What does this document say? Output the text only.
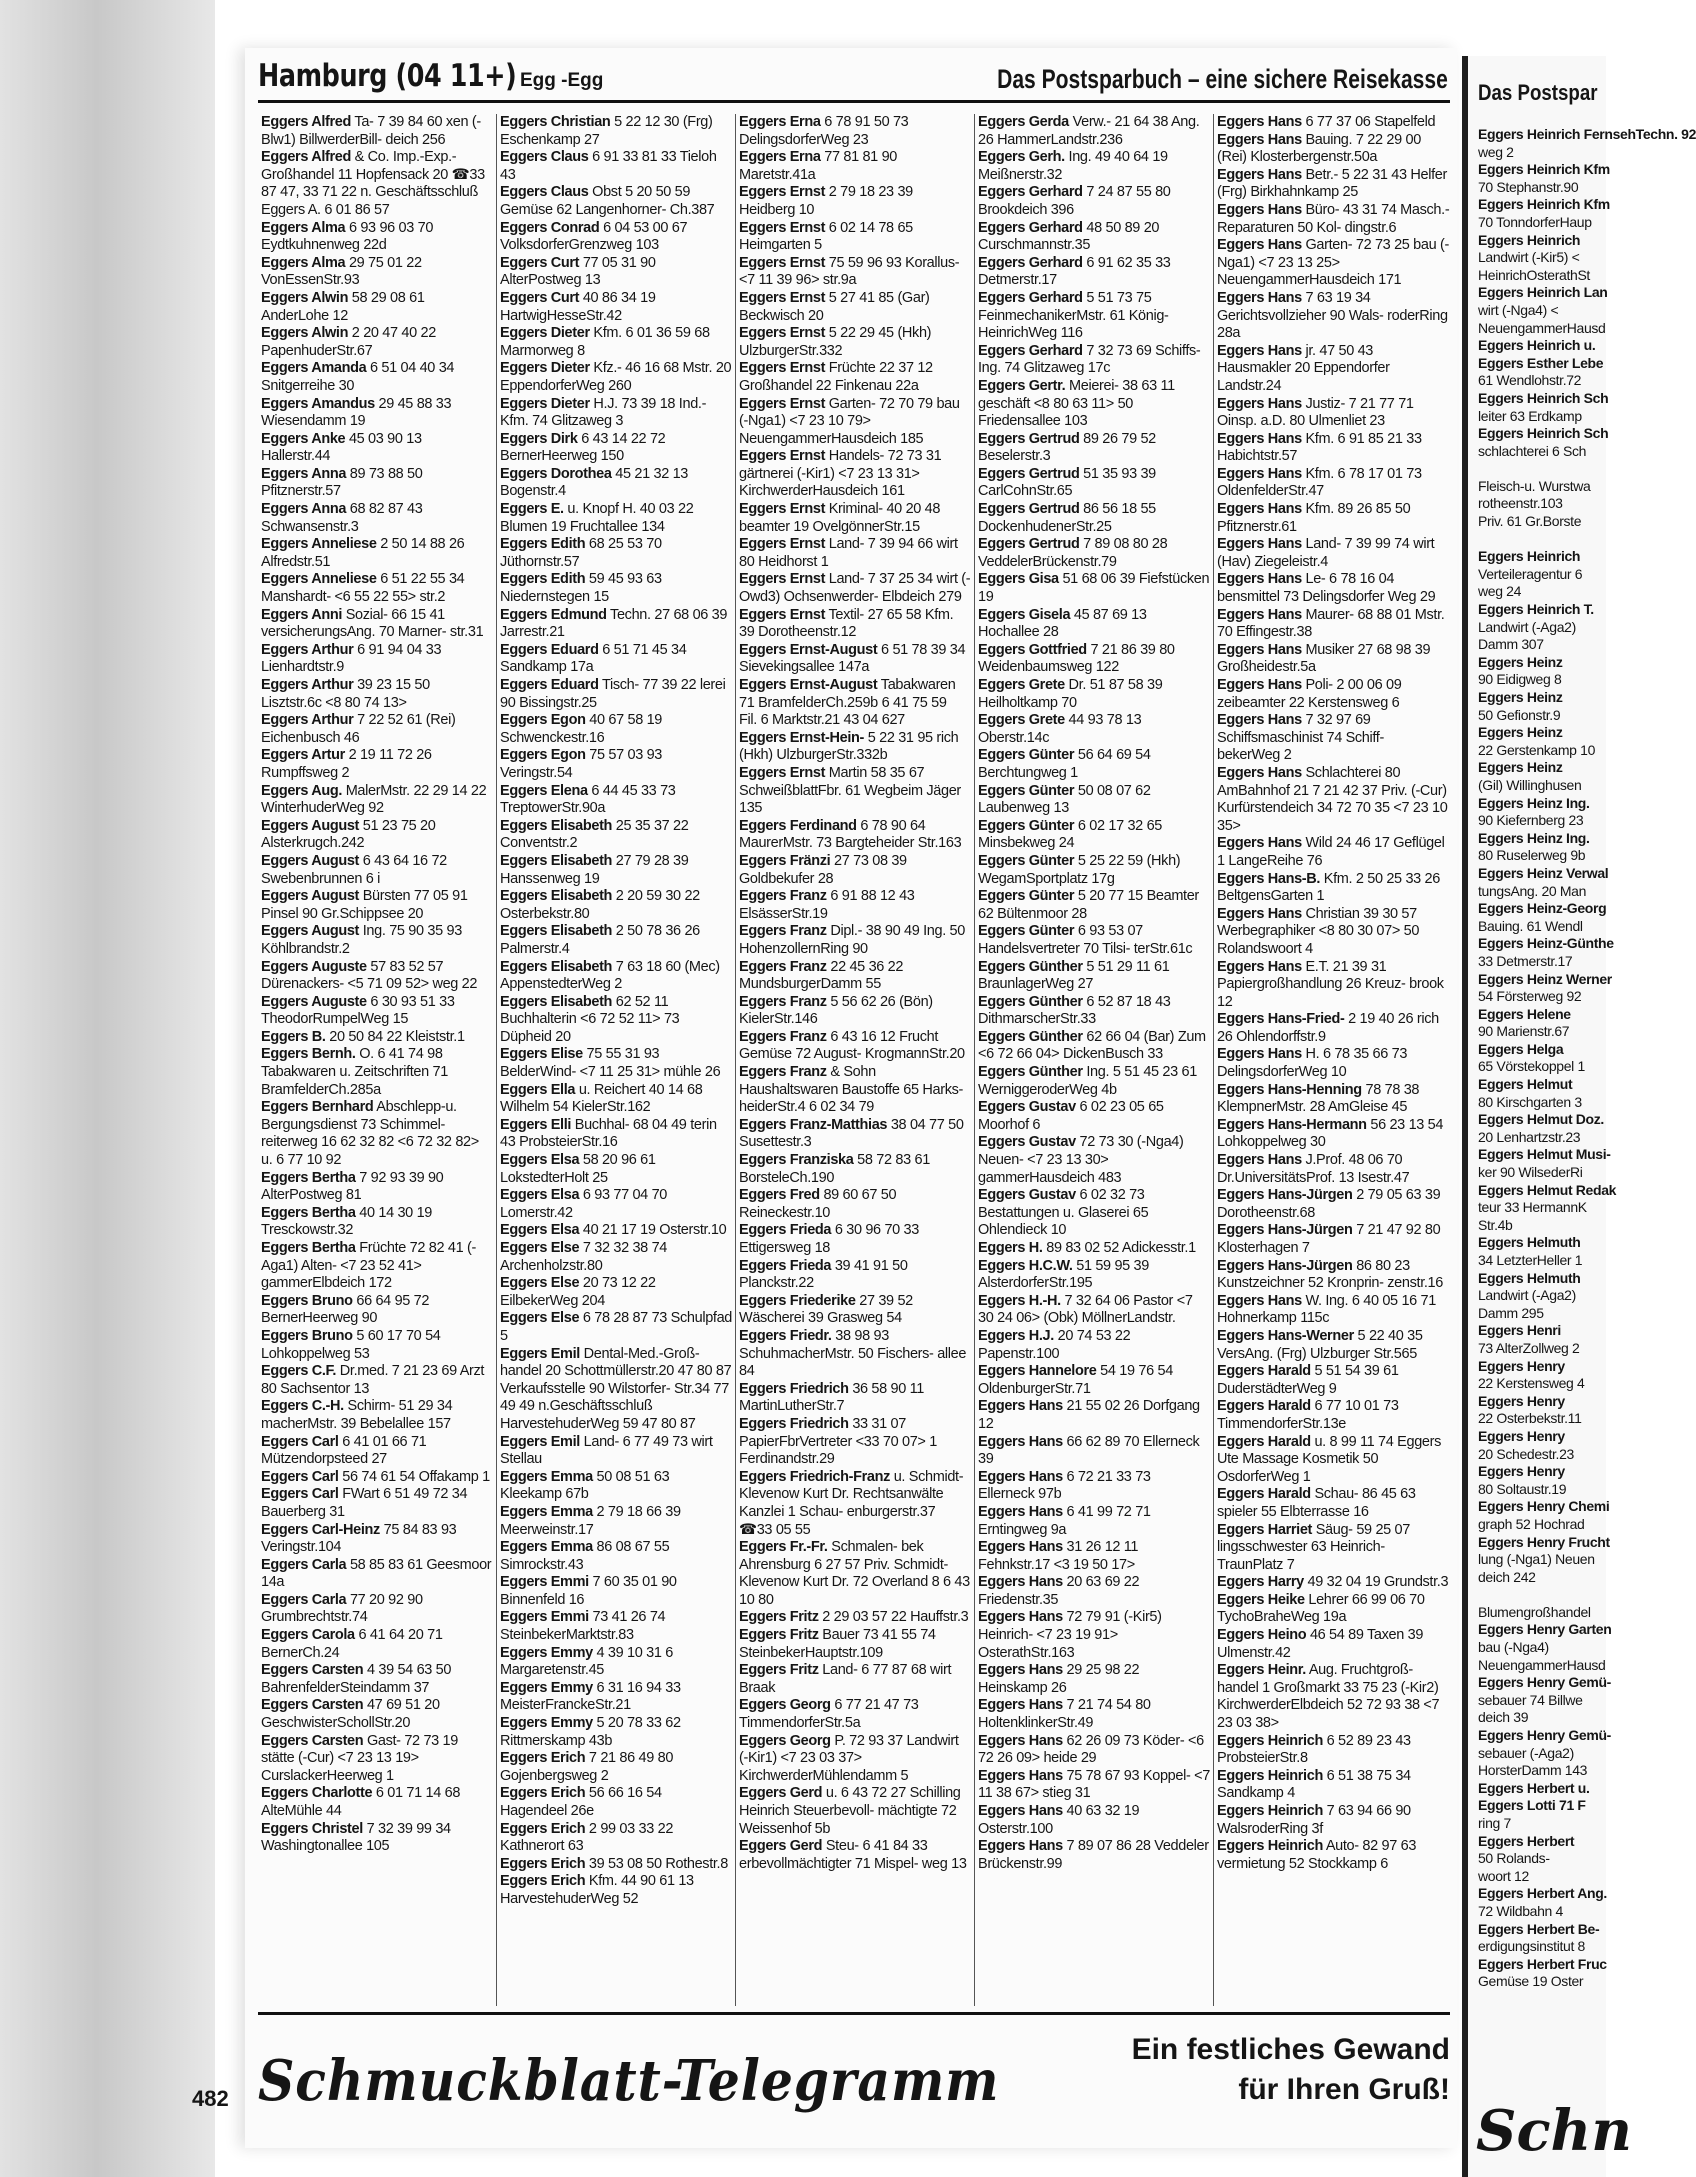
Hamburg (04 11+) Egg -Egg	Das Postsparbuch – eine sichere Reisekasse
Eggers Alfred Ta- 7 39 84 60 xen (-Blw1) BillwerderBill- deich 256
Eggers Alfred & Co. Imp.-Exp.- Großhandel 11 Hopfensack 20 ☎33 87 47, 33 71 22 n. Geschäftsschluß Eggers A. 6 01 86 57
Eggers Alma 6 93 96 03 70 Eydtkuhnenweg 22d
Eggers Alma 29 75 01 22 VonEssenStr.93
Eggers Alwin 58 29 08 61 AnderLohe 12
Eggers Alwin 2 20 47 40 22 PapenhuderStr.67
Eggers Amanda 6 51 04 40 34 Snitgerreihe 30
Eggers Amandus 29 45 88 33 Wiesendamm 19
Eggers Anke 45 03 90 13 Hallerstr.44
Eggers Anna 89 73 88 50 Pfitznerstr.57
Eggers Anna 68 82 87 43 Schwansenstr.3
Eggers Anneliese 2 50 14 88 26 Alfredstr.51
Eggers Anneliese 6 51 22 55 34 Manshardt- <6 55 22 55> str.2
Eggers Anni Sozial- 66 15 41 versicherungsAng. 70 Marner- str.31
Eggers Arthur 6 91 94 04 33 Lienhardtstr.9
Eggers Arthur 39 23 15 50 Lisztstr.6c <8 80 74 13>
Eggers Arthur 7 22 52 61 (Rei) Eichenbusch 46
Eggers Artur 2 19 11 72 26 Rumpffsweg 2
Eggers Aug. MalerMstr. 22 29 14 22 WinterhuderWeg 92
Eggers August 51 23 75 20 Alsterkrugch.242
Eggers August 6 43 64 16 72 Swebenbrunnen 6 i
Eggers August Bürsten 77 05 91 Pinsel 90 Gr.Schippsee 20
Eggers August Ing. 75 90 35 93 Köhlbrandstr.2
Eggers Auguste 57 83 52 57 Dürenackers- <5 71 09 52> weg 22
Eggers Auguste 6 30 93 51 33 TheodorRumpelWeg 15
Eggers B. 20 50 84 22 Kleiststr.1
Eggers Bernh. O. 6 41 74 98 Tabakwaren u. Zeitschriften 71 BramfelderCh.285a
Eggers Bernhard Abschlepp-u. Bergungsdienst 73 Schimmel- reiterweg 16 62 32 82 <6 72 32 82> u. 6 77 10 92
Eggers Bertha 7 92 93 39 90 AlterPostweg 81
Eggers Bertha 40 14 30 19 Tresckowstr.32
Eggers Bertha Früchte 72 82 41 (-Aga1) Alten- <7 23 52 41> gammerElbdeich 172
Eggers Bruno 66 64 95 72 BernerHeerweg 90
Eggers Bruno 5 60 17 70 54 Lohkoppelweg 53
Eggers C.F. Dr.med. 7 21 23 69 Arzt 80 Sachsentor 13
Eggers C.-H. Schirm- 51 29 34 macherMstr. 39 Bebelallee 157
Eggers Carl 6 41 01 66 71 Mützendorpsteed 27
Eggers Carl 56 74 61 54 Offakamp 1
Eggers Carl FWart 6 51 49 72 34 Bauerberg 31
Eggers Carl-Heinz 75 84 83 93 Veringstr.104
Eggers Carla 58 85 83 61 Geesmoor 14a
Eggers Carla 77 20 92 90 Grumbrechtstr.74
Eggers Carola 6 41 64 20 71 BernerCh.24
Eggers Carsten 4 39 54 63 50 BahrenfelderSteindamm 37
Eggers Carsten 47 69 51 20 GeschwisterSchollStr.20
Eggers Carsten Gast- 72 73 19 stätte (-Cur) <7 23 13 19> CurslackerHeerweg 1
Eggers Charlotte 6 01 71 14 68 AlteMühle 44
Eggers Christel 7 32 39 99 34 Washingtonallee 105
Eggers Christian 5 22 12 30 (Frg) Eschenkamp 27
Eggers Claus 6 91 33 81 33 Tieloh 43
Eggers Claus Obst 5 20 50 59 Gemüse 62 Langenhorner- Ch.387
Eggers Conrad 6 04 53 00 67 VolksdorferGrenzweg 103
Eggers Curt 77 05 31 90 AlterPostweg 13
Eggers Curt 40 86 34 19 HartwigHesseStr.42
Eggers Dieter Kfm. 6 01 36 59 68 Marmorweg 8
Eggers Dieter Kfz.- 46 16 68 Mstr. 20 EppendorferWeg 260
Eggers Dieter H.J. 73 39 18 Ind.-Kfm. 74 Glitzaweg 3
Eggers Dirk 6 43 14 22 72 BernerHeerweg 150
Eggers Dorothea 45 21 32 13 Bogenstr.4
Eggers E. u. Knopf H. 40 03 22 Blumen 19 Fruchtallee 134
Eggers Edith 68 25 53 70 Jüthornstr.57
Eggers Edith 59 45 93 63 Niedernstegen 15
Eggers Edmund Techn. 27 68 06 39 Jarrestr.21
Eggers Eduard 6 51 71 45 34 Sandkamp 17a
Eggers Eduard Tisch- 77 39 22 lerei 90 Bissingstr.25
Eggers Egon 40 67 58 19 Schwenckestr.16
Eggers Egon 75 57 03 93 Veringstr.54
Eggers Elena 6 44 45 33 73 TreptowerStr.90a
Eggers Elisabeth 25 35 37 22 Conventstr.2
Eggers Elisabeth 27 79 28 39 Hanssenweg 19
Eggers Elisabeth 2 20 59 30 22 Osterbekstr.80
Eggers Elisabeth 2 50 78 36 26 Palmerstr.4
Eggers Elisabeth 7 63 18 60 (Mec) AppenstedterWeg 2
Eggers Elisabeth 62 52 11 Buchhalterin <6 72 52 11> 73 Düpheid 20
Eggers Elise 75 55 31 93 BelderWind- <7 11 25 31> mühle 26
Eggers Ella u. Reichert 40 14 68 Wilhelm 54 KielerStr.162
Eggers Elli Buchhal- 68 04 49 terin 43 ProbsteierStr.16
Eggers Elsa 58 20 96 61 LokstedterHolt 25
Eggers Elsa 6 93 77 04 70 Lomerstr.42
Eggers Elsa 40 21 17 19 Osterstr.10
Eggers Else 7 32 32 38 74 Archenholzstr.80
Eggers Else 20 73 12 22 EilbekerWeg 204
Eggers Else 6 78 28 87 73 Schulpfad 5
Eggers Emil Dental-Med.-Groß- handel 20 Schottmüllerstr.20 47 80 87
Verkaufsstelle 90 Wilstorfer- Str.34 77 49 49 n.Geschäftsschluß HarvestehuderWeg 59 47 80 87
Eggers Emil Land- 6 77 49 73 wirt Stellau
Eggers Emma 50 08 51 63 Kleekamp 67b
Eggers Emma 2 79 18 66 39 Meerweinstr.17
Eggers Emma 86 08 67 55 Simrockstr.43
Eggers Emmi 7 60 35 01 90 Binnenfeld 16
Eggers Emmi 73 41 26 74 SteinbekerMarktstr.83
Eggers Emmy 4 39 10 31 6 Margaretenstr.45
Eggers Emmy 6 31 16 94 33 MeisterFranckeStr.21
Eggers Emmy 5 20 78 33 62 Rittmerskamp 43b
Eggers Erich 7 21 86 49 80 Gojenbergsweg 2
Eggers Erich 56 66 16 54 Hagendeel 26e
Eggers Erich 2 99 03 33 22 Kathnerort 63
Eggers Erich 39 53 08 50 Rothestr.8
Eggers Erich Kfm. 44 90 61 13 HarvestehuderWeg 52
Eggers Erna 6 78 91 50 73 DelingsdorferWeg 23
Eggers Erna 77 81 81 90 Maretstr.41a
Eggers Ernst 2 79 18 23 39 Heidberg 10
Eggers Ernst 6 02 14 78 65 Heimgarten 5
Eggers Ernst 75 59 96 93 Korallus- <7 11 39 96> str.9a
Eggers Ernst 5 27 41 85 (Gar) Beckwisch 20
Eggers Ernst 5 22 29 45 (Hkh) UlzburgerStr.332
Eggers Ernst Früchte 22 37 12 Großhandel 22 Finkenau 22a
Eggers Ernst Garten- 72 70 79 bau (-Nga1) <7 23 10 79> NeuengammerHausdeich 185
Eggers Ernst Handels- 72 73 31 gärtnerei (-Kir1) <7 23 13 31> KirchwerderHausdeich 161
Eggers Ernst Kriminal- 40 20 48 beamter 19 OvelgönnerStr.15
Eggers Ernst Land- 7 39 94 66 wirt 80 Heidhorst 1
Eggers Ernst Land- 7 37 25 34 wirt (-Owd3) Ochsenwerder- Elbdeich 279
Eggers Ernst Textil- 27 65 58 Kfm. 39 Dorotheenstr.12
Eggers Ernst-August 6 51 78 39 34 Sievekingsallee 147a
Eggers Ernst-August Tabakwaren 71 BramfelderCh.259b 6 41 75 59
Fil. 6 Marktstr.21 43 04 627
Eggers Ernst-Hein- 5 22 31 95 rich (Hkh) UlzburgerStr.332b
Eggers Ernst Martin 58 35 67 SchweißblattFbr. 61 Wegbeim Jäger 135
Eggers Ferdinand 6 78 90 64 MaurerMstr. 73 Bargteheider Str.163
Eggers Fränzi 27 73 08 39 Goldbekufer 28
Eggers Franz 6 91 88 12 43 ElsässerStr.19
Eggers Franz Dipl.- 38 90 49 Ing. 50 HohenzollernRing 90
Eggers Franz 22 45 36 22 MundsburgerDamm 55
Eggers Franz 5 56 62 26 (Bön) KielerStr.146
Eggers Franz 6 43 16 12 Frucht Gemüse 72 August- KrogmannStr.20
Eggers Franz & Sohn Haushaltswaren Baustoffe 65 Harks- heiderStr.4 6 02 34 79
Eggers Franz-Matthias 38 04 77 50 Susettestr.3
Eggers Franziska 58 72 83 61 BorsteleCh.190
Eggers Fred 89 60 67 50 Reineckestr.10
Eggers Frieda 6 30 96 70 33 Ettigersweg 18
Eggers Frieda 39 41 91 50 Planckstr.22
Eggers Friederike 27 39 52 Wäscherei 39 Grasweg 54
Eggers Friedr. 38 98 93 SchuhmacherMstr. 50 Fischers- allee 84
Eggers Friedrich 36 58 90 11 MartinLutherStr.7
Eggers Friedrich 33 31 07 PapierFbrVertreter <33 70 07> 1 Ferdinandstr.29
Eggers Friedrich-Franz u. Schmidt-Klevenow Kurt Dr. Rechtsanwälte Kanzlei 1 Schau- enburgerstr.37 ☎33 05 55
Eggers Fr.-Fr. Schmalen- bek Ahrensburg 6 27 57 Priv. Schmidt-Klevenow Kurt Dr. 72 Overland 8 6 43 10 80
Eggers Fritz 2 29 03 57 22 Hauffstr.3
Eggers Fritz Bauer 73 41 55 74 SteinbekerHauptstr.109
Eggers Fritz Land- 6 77 87 68 wirt Braak
Eggers Georg 6 77 21 47 73 TimmendorferStr.5a
Eggers Georg P. 72 93 37 Landwirt (-Kir1) <7 23 03 37> KirchwerderMühlendamm 5
Eggers Gerd u. 6 43 72 27 Schilling Heinrich Steuerbevoll- mächtigte 72 Weissenhof 5b
Eggers Gerd Steu- 6 41 84 33 erbevollmächtigter 71 Mispel- weg 13
Eggers Gerda Verw.- 21 64 38 Ang. 26 HammerLandstr.236
Eggers Gerh. Ing. 49 40 64 19 Meißnerstr.32
Eggers Gerhard 7 24 87 55 80 Brookdeich 396
Eggers Gerhard 48 50 89 20 Curschmannstr.35
Eggers Gerhard 6 91 62 35 33 Detmerstr.17
Eggers Gerhard 5 51 73 75 FeinmechanikerMstr. 61 König- HeinrichWeg 116
Eggers Gerhard 7 32 73 69 Schiffs-Ing. 74 Glitzaweg 17c
Eggers Gertr. Meierei- 38 63 11 geschäft <8 80 63 11> 50 Friedensallee 103
Eggers Gertrud 89 26 79 52 Beselerstr.3
Eggers Gertrud 51 35 93 39 CarlCohnStr.65
Eggers Gertrud 86 56 18 55 DockenhudenerStr.25
Eggers Gertrud 7 89 08 80 28 VeddelerBrückenstr.79
Eggers Gisa 51 68 06 39 Fiefstücken 19
Eggers Gisela 45 87 69 13 Hochallee 28
Eggers Gottfried 7 21 86 39 80 Weidenbaumsweg 122
Eggers Grete Dr. 51 87 58 39 Heilholtkamp 70
Eggers Grete 44 93 78 13 Oberstr.14c
Eggers Günter 56 64 69 54 Berchtungweg 1
Eggers Günter 50 08 07 62 Laubenweg 13
Eggers Günter 6 02 17 32 65 Minsbekweg 24
Eggers Günter 5 25 22 59 (Hkh) WegamSportplatz 17g
Eggers Günter 5 20 77 15 Beamter 62 Bültenmoor 28
Eggers Günter 6 93 53 07 Handelsvertreter 70 Tilsi- terStr.61c
Eggers Günther 5 51 29 11 61 BraunlagerWeg 27
Eggers Günther 6 52 87 18 43 DithmarscherStr.33
Eggers Günther 62 66 04 (Bar) Zum <6 72 66 04> DickenBusch 33
Eggers Günther Ing. 5 51 45 23 61 WerniggeroderWeg 4b
Eggers Gustav 6 02 23 05 65 Moorhof 6
Eggers Gustav 72 73 30 (-Nga4) Neuen- <7 23 13 30> gammerHausdeich 483
Eggers Gustav 6 02 32 73 Bestattungen u. Glaserei 65 Ohlendieck 10
Eggers H. 89 83 02 52 Adickesstr.1
Eggers H.C.W. 51 59 95 39 AlsterdorferStr.195
Eggers H.-H. 7 32 64 06 Pastor <7 30 24 06> (Obk) MöllnerLandstr.
Eggers H.J. 20 74 53 22 Papenstr.100
Eggers Hannelore 54 19 76 54 OldenburgerStr.71
Eggers Hans 21 55 02 26 Dorfgang 12
Eggers Hans 66 62 89 70 Ellerneck 39
Eggers Hans 6 72 21 33 73 Ellerneck 97b
Eggers Hans 6 41 99 72 71 Erntingweg 9a
Eggers Hans 31 26 12 11 Fehnkstr.17 <3 19 50 17>
Eggers Hans 20 63 69 22 Friedenstr.35
Eggers Hans 72 79 91 (-Kir5) Heinrich- <7 23 19 91> OsterathStr.163
Eggers Hans 29 25 98 22 Heinskamp 26
Eggers Hans 7 21 74 54 80 HoltenklinkerStr.49
Eggers Hans 62 26 09 73 Köder- <6 72 26 09> heide 29
Eggers Hans 75 78 67 93 Koppel- <7 11 38 67> stieg 31
Eggers Hans 40 63 32 19 Osterstr.100
Eggers Hans 7 89 07 86 28 Veddeler Brückenstr.99
Eggers Hans 6 77 37 06 Stapelfeld
Eggers Hans Bauing. 7 22 29 00 (Rei) Klosterbergenstr.50a
Eggers Hans Betr.- 5 22 31 43 Helfer (Frg) Birkhahnkamp 25
Eggers Hans Büro- 43 31 74 Masch.-Reparaturen 50 Kol- dingstr.6
Eggers Hans Garten- 72 73 25 bau (-Nga1) <7 23 13 25> NeuengammerHausdeich 171
Eggers Hans 7 63 19 34 Gerichtsvollzieher 90 Wals- roderRing 28a
Eggers Hans jr. 47 50 43 Hausmakler 20 Eppendorfer Landstr.24
Eggers Hans Justiz- 7 21 77 71 Oinsp. a.D. 80 Ulmenliet 23
Eggers Hans Kfm. 6 91 85 21 33 Habichtstr.57
Eggers Hans Kfm. 6 78 17 01 73 OldenfelderStr.47
Eggers Hans Kfm. 89 26 85 50 Pfitznerstr.61
Eggers Hans Land- 7 39 99 74 wirt (Hav) Ziegeleistr.4
Eggers Hans Le- 6 78 16 04 bensmittel 73 Delingsdorfer Weg 29
Eggers Hans Maurer- 68 88 01 Mstr. 70 Effingestr.38
Eggers Hans Musiker 27 68 98 39 Großheidestr.5a
Eggers Hans Poli- 2 00 06 09 zeibeamter 22 Kerstensweg 6
Eggers Hans 7 32 97 69 Schiffsmaschinist 74 Schiff- bekerWeg 2
Eggers Hans Schlachterei 80 AmBahnhof 21 7 21 42 37 Priv. (-Cur) Kurfürstendeich 34 72 70 35 <7 23 10 35>
Eggers Hans Wild 24 46 17 Geflügel 1 LangeReihe 76
Eggers Hans-B. Kfm. 2 50 25 33 26 BeltgensGarten 1
Eggers Hans Christian 39 30 57 Werbegraphiker <8 80 30 07> 50 Rolandswoort 4
Eggers Hans E.T. 21 39 31 Papiergroßhandlung 26 Kreuz- brook 12
Eggers Hans-Fried- 2 19 40 26 rich 26 Ohlendorffstr.9
Eggers Hans H. 6 78 35 66 73 DelingsdorferWeg 10
Eggers Hans-Henning 78 78 38 KlempnerMstr. 28 AmGleise 45
Eggers Hans-Hermann 56 23 13 54 Lohkoppelweg 30
Eggers Hans J.Prof. 48 06 70 Dr.UniversitätsProf. 13 Isestr.47
Eggers Hans-Jürgen 2 79 05 63 39 Dorotheenstr.68
Eggers Hans-Jürgen 7 21 47 92 80 Klosterhagen 7
Eggers Hans-Jürgen 86 80 23 Kunstzeichner 52 Kronprin- zenstr.16
Eggers Hans W. Ing. 6 40 05 16 71 Hohnerkamp 115c
Eggers Hans-Werner 5 22 40 35 VersAng. (Frg) Ulzburger Str.565
Eggers Harald 5 51 54 39 61 DuderstädterWeg 9
Eggers Harald 6 77 10 01 73 TimmendorferStr.13e
Eggers Harald u. 8 99 11 74 Eggers Ute Massage Kosmetik 50 OsdorferWeg 1
Eggers Harald Schau- 86 45 63 spieler 55 Elbterrasse 16
Eggers Harriet Säug- 59 25 07 lingsschwester 63 Heinrich- TraunPlatz 7
Eggers Harry 49 32 04 19 Grundstr.3
Eggers Heike Lehrer 66 99 06 70 TychoBraheWeg 19a
Eggers Heino 46 54 89 Taxen 39 Ulmenstr.42
Eggers Heinr. Aug. Fruchtgroß- handel 1 Großmarkt 33 75 23 (-Kir2) KirchwerderElbdeich 52 72 93 38 <7 23 03 38>
Eggers Heinrich 6 52 89 23 43 ProbsteierStr.8
Eggers Heinrich 6 51 38 75 34 Sandkamp 4
Eggers Heinrich 7 63 94 66 90 WalsroderRing 3f
Eggers Heinrich Auto- 82 97 63 vermietung 52 Stockkamp 6
Schmuckblatt-Telegramm	Ein festliches Gewand
für Ihren Gruß!
482
Das Postspar
Eggers Heinrich FernsehTechn. 92
weg 2
Eggers Heinrich Kfm
70 Stephanstr.90
Eggers Heinrich Kfm
70 TonndorferHaup
Eggers Heinrich
Landwirt (-Kir5) <
HeinrichOsterathSt
Eggers Heinrich Lan
wirt (-Nga4) <
NeuengammerHausd
Eggers Heinrich u.
Eggers Esther Lebe
61 Wendlohstr.72
Eggers Heinrich Sch
leiter 63 Erdkamp
Eggers Heinrich Sch
schlachterei 6 Sch

Fleisch-u. Wurstwa
rotheenstr.103
Priv. 61 Gr.Borste

Eggers Heinrich
Verteileragentur 6
weg 24
Eggers Heinrich T.
Landwirt (-Aga2)
Damm 307
Eggers Heinz
90 Eidigweg 8
Eggers Heinz
50 Gefionstr.9
Eggers Heinz
22 Gerstenkamp 10
Eggers Heinz
(Gil) Willinghusen
Eggers Heinz Ing.
90 Kiefernberg 23
Eggers Heinz Ing.
80 Ruselerweg 9b
Eggers Heinz Verwal
tungsAng. 20 Man
Eggers Heinz-Georg
Bauing. 61 Wendl
Eggers Heinz-Günthe
33 Detmerstr.17
Eggers Heinz Werner
54 Försterweg 92
Eggers Helene
90 Marienstr.67
Eggers Helga
65 Vörstekoppel 1
Eggers Helmut
80 Kirschgarten 3
Eggers Helmut Doz.
20 Lenhartzstr.23
Eggers Helmut Musi-
ker 90 WilsederRi
Eggers Helmut Redak
teur 33 HermannK
Str.4b
Eggers Helmuth
34 LetzterHeller 1
Eggers Helmuth
Landwirt (-Aga2)
Damm 295
Eggers Henri
73 AlterZollweg 2
Eggers Henry
22 Kerstensweg 4
Eggers Henry
22 Osterbekstr.11
Eggers Henry
20 Schedestr.23
Eggers Henry
80 Soltaustr.19
Eggers Henry Chemi
graph 52 Hochrad
Eggers Henry Frucht
lung (-Nga1) Neuen
deich 242

Blumengroßhandel
Eggers Henry Garten
bau (-Nga4)
NeuengammerHausd
Eggers Henry Gemü-
sebauer 74 Billwe
deich 39
Eggers Henry Gemü-
sebauer (-Aga2)
HorsterDamm 143
Eggers Herbert u.
Eggers Lotti 71 F
ring 7
Eggers Herbert
50 Rolands-
woort 12
Eggers Herbert Ang.
72 Wildbahn 4
Eggers Herbert Be-
erdigungsinstitut 8
Eggers Herbert Fruc
Gemüse 19 Oster
Schn
